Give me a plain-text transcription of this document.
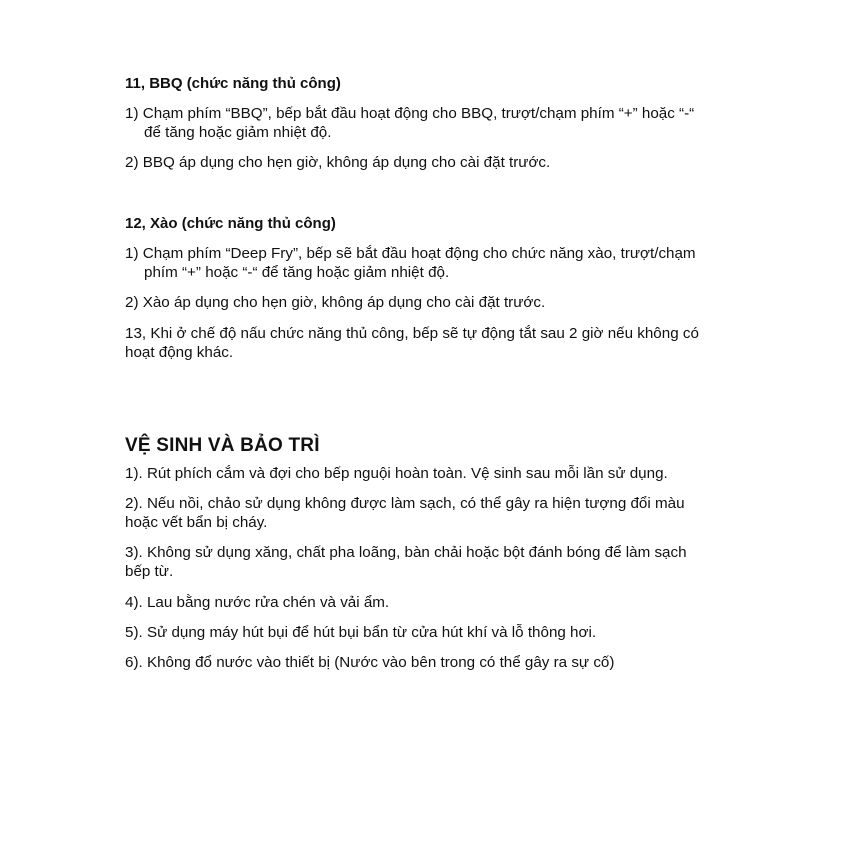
11, BBQ (chức năng thủ công)

1) Chạm phím “BBQ”, bếp bắt đầu hoạt động cho BBQ, trượt/chạm phím “+” hoặc “-“

để tăng hoặc giảm nhiệt độ.

2) BBQ áp dụng cho hẹn giờ, không áp dụng cho cài đặt trước.

12, Xào (chức năng thủ công)

1) Chạm phím “Deep Fry”, bếp sẽ bắt đầu hoạt động cho chức năng xào, trượt/chạm

phím “+” hoặc “-“ để tăng hoặc giảm nhiệt độ.

2) Xào áp dụng cho hẹn giờ, không áp dụng cho cài đặt trước.

13, Khi ở chế độ nấu chức năng thủ công, bếp sẽ tự động tắt sau 2 giờ nếu không có

hoạt động khác.

VỆ SINH VÀ BẢO TRÌ

1). Rút phích cắm và đợi cho bếp nguội hoàn toàn. Vệ sinh sau mỗi lần sử dụng.

2). Nếu nồi, chảo sử dụng không được làm sạch, có thể gây ra hiện tượng đổi màu

hoặc vết bẩn bị cháy.

3). Không sử dụng xăng, chất pha loãng, bàn chải hoặc bột đánh bóng để làm sạch

bếp từ.

4). Lau bằng nước rửa chén và vải ẩm.

5). Sử dụng máy hút bụi để hút bụi bẩn từ cửa hút khí và lỗ thông hơi.

6). Không đổ nước vào thiết bị (Nước vào bên trong có thể gây ra sự cố)
